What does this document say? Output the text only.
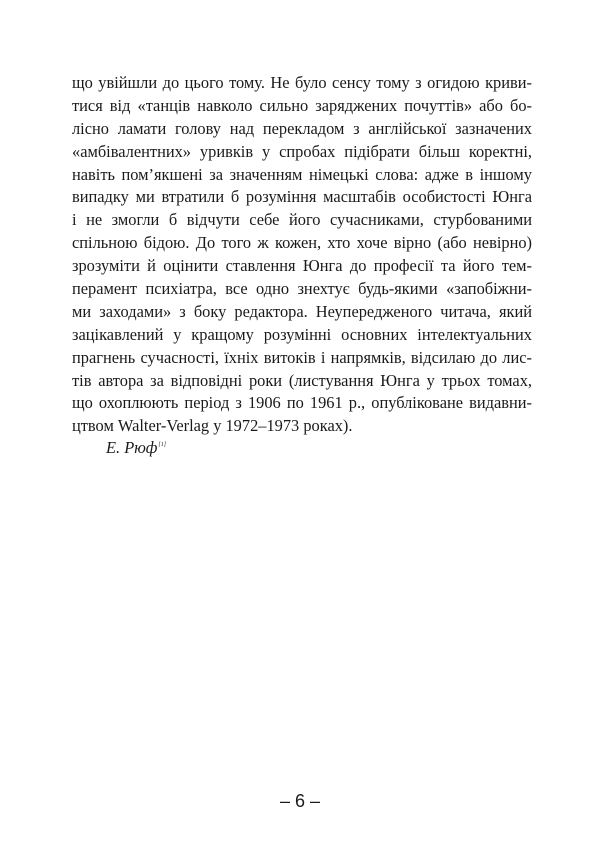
що увійшли до цього тому. Не було сенсу тому з огидою криви-
тися від «танців навколо сильно заряджених почуттів» або бо-
лісно ламати голову над перекладом з англійської зазначених
«амбівалентних» уривків у спробах підібрати більш коректні,
навіть пом’якшені за значенням німецькі слова: адже в іншому
випадку ми втратили б розуміння масштабів особистості Юнга
і не змогли б відчути себе його сучасниками, стурбованими
спільною бідою. До того ж кожен, хто хоче вірно (або невірно)
зрозуміти й оцінити ставлення Юнга до професії та його тем-
перамент психіатра, все одно знехтує будь-якими «запобіжни-
ми заходами» з боку редактора. Неупередженого читача, який
зацікавлений у кращому розумінні основних інтелектуальних
прагнень сучасності, їхніх витоків і напрямків, відсилаю до лис-
тів автора за відповідні роки (листування Юнга у трьох томах,
що охоплюють період з 1906 по 1961 р., опубліковане видавни-
цтвом Walter-Verlag у 1972–1973 роках).
Е. Рюф[1]
– 6 –
